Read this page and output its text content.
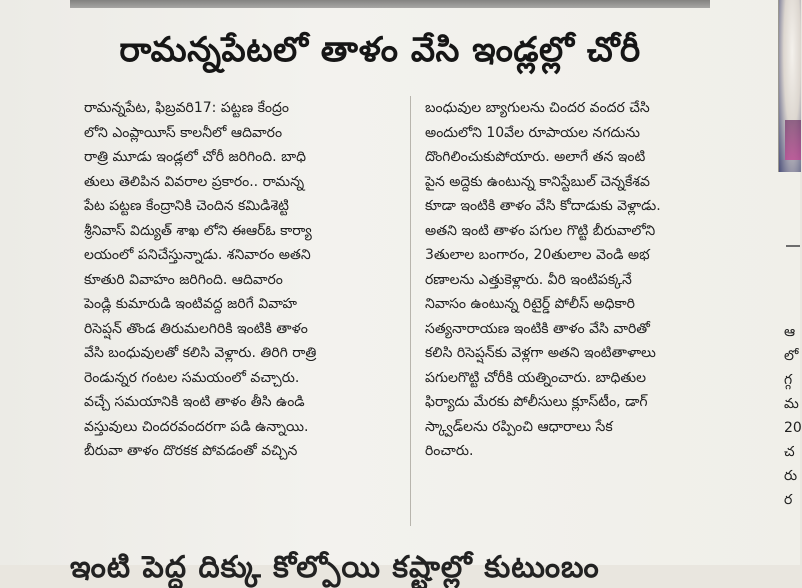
రామన్నపేటలో తాళం వేసి ఇండ్లల్లో చోరీ

రామన్నపేట, ఫిబ్రవరి17: పట్టణ కేంద్రం

లోని ఎంప్లాయీస్ కాలనీలో ఆదివారం

రాత్రి మూడు ఇండ్లలో చోరీ జరిగింది. బాధి

తులు తెలిపిన వివరాల ప్రకారం.. రామన్న

పేట పట్టణ కేంద్రానికి చెందిన కమిడిశెట్టి

శ్రీనివాస్ విద్యుత్ శాఖ లోని ఈఆర్ఓ కార్యా

లయంలో పనిచేస్తున్నాడు. శనివారం అతని

కూతురి వివాహం జరిగింది. ఆదివారం

పెండ్లి కుమారుడి ఇంటివద్ద జరిగే వివాహ

రిసెప్షన్ తొండ తిరుమలగిరికి ఇంటికి తాళం

వేసి బంధువులతో కలిసి వెళ్లారు. తిరిగి రాత్రి

రెండున్నర గంటల సమయంలో వచ్చారు.

వచ్చే సమయానికి ఇంటి తాళం తీసి ఉండి

వస్తువులు చిందరవందరగా పడి ఉన్నాయి.

బీరువా తాళం దొరకక పోవడంతో వచ్చిన

బంధువుల బ్యాగులను చిందర వందర చేసి

అందులోని 10వేల రూపాయల నగదును

దొంగిలించుకుపోయారు. అలాగే తన ఇంటి

పైన అద్దెకు ఉంటున్న కానిస్టేబుల్ చెన్నకేశవ

కూడా ఇంటికి తాళం వేసి కోదాడుకు వెళ్లాడు.

అతని ఇంటి తాళం పగుల గొట్టి బీరువాలోని

3తులాల బంగారం, 20తులాల వెండి అభ

రణాలను ఎత్తుకెళ్లారు. వీరి ఇంటిపక్కనే

నివాసం ఉంటున్న రిటైర్డ్ పోలీస్ అధికారి

సత్యనారాయణ ఇంటికి తాళం వేసి వారితో

కలిసి రిసెప్షన్‌కు వెళ్లగా అతని ఇంటితాళాలు

పగులగొట్టి చోరీకి యత్నించారు. బాధితుల

ఫిర్యాదు మేరకు పోలీసులు క్లూస్‌టీం, డాగ్

స్క్వాడ్‌లను రప్పించి ఆధారాలు సేక

రించారు.

ఆ

లో

గ్గ

మ

20

చ

రు

ర

ఇంటి పెద్ద దిక్కు కోల్పోయి కష్టాల్లో కుటుంబం
